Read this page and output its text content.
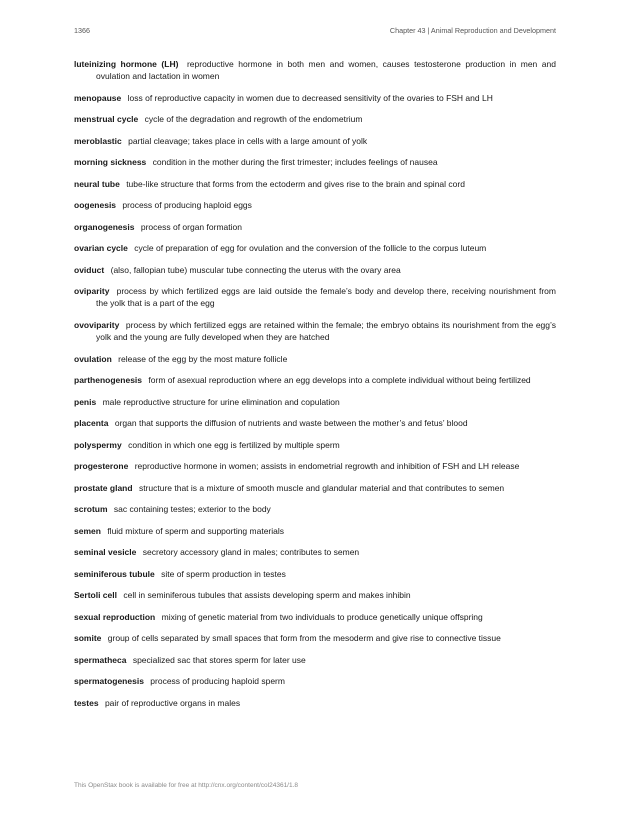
1366	Chapter 43 | Animal Reproduction and Development

luteinizing hormone (LH) reproductive hormone in both men and women, causes testosterone production in men and ovulation and lactation in women

menopause loss of reproductive capacity in women due to decreased sensitivity of the ovaries to FSH and LH

menstrual cycle cycle of the degradation and regrowth of the endometrium

meroblastic partial cleavage; takes place in cells with a large amount of yolk

morning sickness condition in the mother during the first trimester; includes feelings of nausea

neural tube tube-like structure that forms from the ectoderm and gives rise to the brain and spinal cord

oogenesis process of producing haploid eggs

organogenesis process of organ formation

ovarian cycle cycle of preparation of egg for ovulation and the conversion of the follicle to the corpus luteum

oviduct (also, fallopian tube) muscular tube connecting the uterus with the ovary area

oviparity process by which fertilized eggs are laid outside the female’s body and develop there, receiving nourishment from the yolk that is a part of the egg

ovoviparity process by which fertilized eggs are retained within the female; the embryo obtains its nourishment from the egg’s yolk and the young are fully developed when they are hatched

ovulation release of the egg by the most mature follicle

parthenogenesis form of asexual reproduction where an egg develops into a complete individual without being fertilized

penis male reproductive structure for urine elimination and copulation

placenta organ that supports the diffusion of nutrients and waste between the mother’s and fetus’ blood

polyspermy condition in which one egg is fertilized by multiple sperm

progesterone reproductive hormone in women; assists in endometrial regrowth and inhibition of FSH and LH release

prostate gland structure that is a mixture of smooth muscle and glandular material and that contributes to semen

scrotum sac containing testes; exterior to the body

semen fluid mixture of sperm and supporting materials

seminal vesicle secretory accessory gland in males; contributes to semen

seminiferous tubule site of sperm production in testes

Sertoli cell cell in seminiferous tubules that assists developing sperm and makes inhibin

sexual reproduction mixing of genetic material from two individuals to produce genetically unique offspring

somite group of cells separated by small spaces that form from the mesoderm and give rise to connective tissue

spermatheca specialized sac that stores sperm for later use

spermatogenesis process of producing haploid sperm

testes pair of reproductive organs in males

This OpenStax book is available for free at http://cnx.org/content/col24361/1.8
